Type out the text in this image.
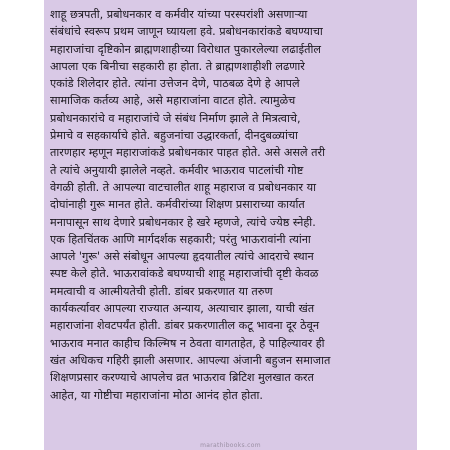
शाहू छत्रपती, प्रबोधनकार व कर्मवीर यांच्या परस्परांशी असणाऱ्या
संबंधांचे स्वरूप प्रथम जाणून घ्यायला हवे. प्रबोधनकारांकडे बघण्याचा
महाराजांचा दृष्टिकोन ब्राह्मणशाहीच्या विरोधात पुकारलेल्या लढाईतील
आपला एक बिनीचा सहकारी हा होता. ते ब्राह्मणशाहीशी लढणारे
एकांडे शिलेदार होते. त्यांना उत्तेजन देणे, पाठबळ देणे हे आपले
सामाजिक कर्तव्य आहे, असे महाराजांना वाटत होते. त्यामुळेच
प्रबोधनकारांचे व महाराजांचे जे संबंध निर्माण झाले ते मित्रत्वाचे,
प्रेमाचे व सहकार्याचे होते. बहुजनांचा उद्धारकर्ता, दीनदुबळ्यांचा
तारणहार म्हणून महाराजांकडे प्रबोधनकार पाहत होते. असे असले तरी
ते त्यांचे अनुयायी झालेले नव्हते. कर्मवीर भाऊराव पाटलांची गोष्ट
वेगळी होती. ते आपल्या वाटचालीत शाहू महाराज व प्रबोधनकार या
दोघांनाही गुरू मानत होते. कर्मवीरांच्या शिक्षण प्रसाराच्या कार्यात
मनापासून साथ देणारे प्रबोधनकार हे खरे म्हणजे, त्यांचे ज्येष्ठ स्नेही.
एक हितचिंतक आणि मार्गदर्शक सहकारी; परंतु भाऊरावांनी त्यांना
आपले 'गुरू' असे संबोधून आपल्या हृदयातील त्यांचे आदराचे स्थान
स्पष्ट केले होते. भाऊरावांकडे बघण्याची शाहू महाराजांची दृष्टी केवळ
ममत्वाची व आत्मीयतेची होती. डांबर प्रकरणात या तरुण
कार्यकर्त्यावर आपल्या राज्यात अन्याय, अत्याचार झाला, याची खंत
महाराजांना शेवटपर्यंत होती. डांबर प्रकरणातील कटू भावना दूर ठेवून
भाऊराव मनात काहीच किल्मिष न ठेवता वागताहेत, हे पाहिल्यावर ही
खंत अधिकच गहिरी झाली असणार. आपल्या अंजानी बहुजन समाजात
शिक्षणप्रसार करण्याचे आपलेच व्रत भाऊराव ब्रिटिश मुलखात करत
आहेत, या गोष्टीचा महाराजांना मोठा आनंद होत होता.

marathibooks.com
